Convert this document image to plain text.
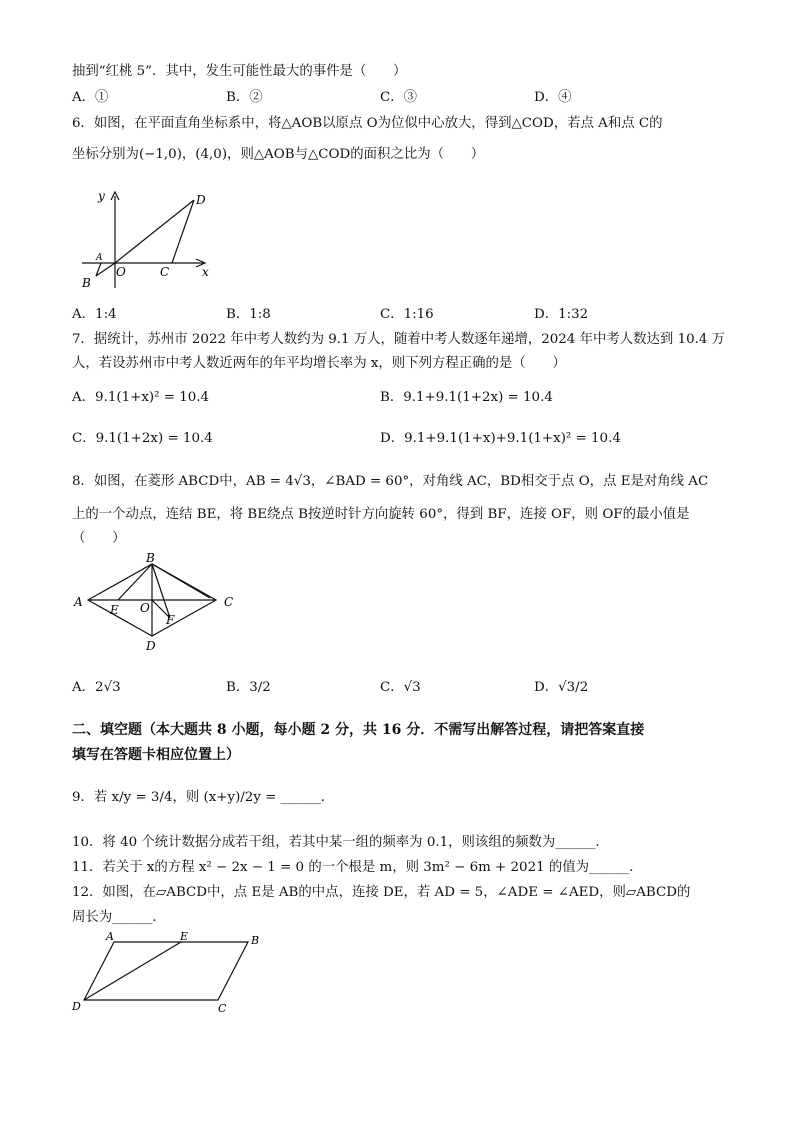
抽到“红桃 5”．其中，发生可能性最大的事件是（　　）
A．①	B．②	C．③	D．④
6．如图，在平面直角坐标系中，将△AOB以原点 O为位似中心放大，得到△COD，若点 A和点 C的
坐标分别为(−1,0)，(4,0)，则△AOB与△COD的面积之比为（　　）
y
x
D
O	C
B
A
A．1:4	B．1:8	C．1:16	D．1:32
7．据统计，苏州市 2022 年中考人数约为 9.1 万人，随着中考人数逐年递增，2024 年中考人数达到 10.4 万
人，若设苏州市中考人数近两年的年平均增长率为 x，则下列方程正确的是（　　）
A．9.1(1+x)² = 10.4	B．9.1+9.1(1+2x) = 10.4
C．9.1(1+2x) = 10.4	D．9.1+9.1(1+x)+9.1(1+x)² = 10.4
8．如图，在菱形 ABCD中，AB = 4√3，∠BAD = 60°，对角线 AC，BD相交于点 O，点 E是对角线 AC
上的一个动点，连结 BE，将 BE绕点 B按逆时针方向旋转 60°，得到 BF，连接 OF，则 OF的最小值是
（　　）
A
B
C
D
E O
F
A．2√3	B．3/2	C．√3	D．√3/2
二、填空题（本大题共 8 小题，每小题 2 分，共 16 分．不需写出解答过程，请把答案直接
填写在答题卡相应位置上）
9．若 x/y = 3/4，则 (x+y)/2y = ______．
10．将 40 个统计数据分成若干组，若其中某一组的频率为 0.1，则该组的频数为______．
11．若关于 x的方程 x² − 2x − 1 = 0 的一个根是 m，则 3m² − 6m + 2021 的值为______．
12．如图，在▱ABCD中，点 E是 AB的中点，连接 DE，若 AD = 5，∠ADE = ∠AED，则▱ABCD的
周长为______．
A	E	B
D	C
